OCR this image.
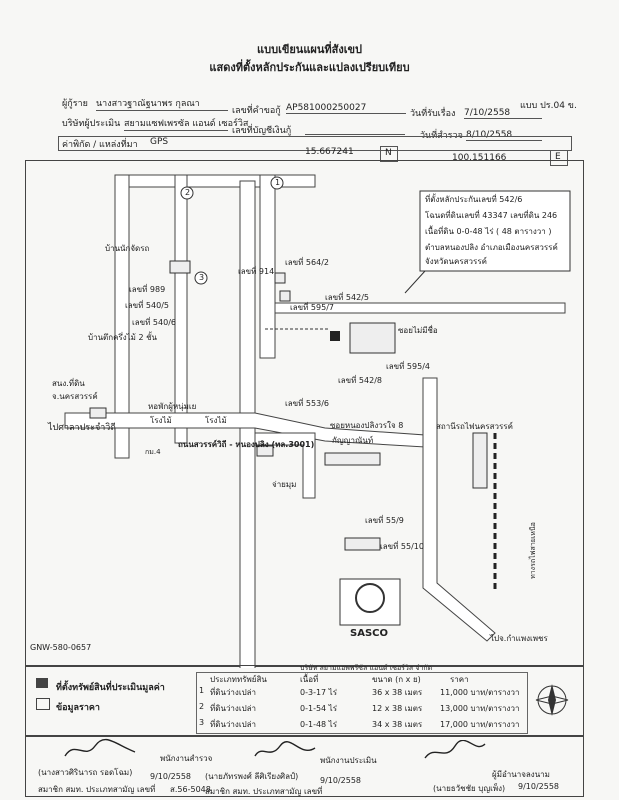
แบบ ปร.04 ข.
แบบเขียนแผนที่สังเขป
แสดงที่ตั้งหลักประกันและแปลงเปรียบเทียบ
ผู้กู้ราย นางสาวฐาณัฐนาพร กุลณา
เลขที่คำขอกู้ AP581000250027
วันที่รับเรื่อง 7/10/2558
บริษัทผู้ประเมิน สยามแซฟเพรซัล แอนด์ เซอร์วิส
เลขที่บัญชีเงินกู้	วันที่สำรวจ 8/10/2558
ค่าพิกัด / แหล่งที่มา GPS
15.667241	N	100.151166	E
ที่ตั้งหลักประกันเลขที่ 542/6
โฉนดที่ดินเลขที่ 43347 เลขที่ดิน 246
เนื้อที่ดิน 0-0-48 ไร่ ( 48 ตารางวา )
ตำบลหนองปลิง อำเภอเมืองนครสวรรค์
จังหวัดนครสวรรค์
บ้านนักจัดรถ
เลขที่ 989
เลขที่ 540/5
เลขที่ 540/6
บ้านตึกครึ่งไม้ 2 ชั้น
เลขที่ 914
เลขที่ 564/2
เลขที่ 542/5
เลขที่ 595/7
เลขที่ 595/4
เลขที่ 542/8
เลขที่ 553/6
ซอยไม่มีชื่อ
สนง.ที่ดิน
จ.นครสวรรค์
หอพักผู้หนุ่มเย
โรงไม้	โรงไม้
ไปศาลาประจำวิถี
ถนนสวรรค์วิถี - หนองปลิง (ทล.3001)
กม.4
ซอยหนองปลิงวรใจ 8
กัญญาณันท์
สถานีรถไฟนครสวรรค์
จ่ายมุม
เลขที่ 55/9
เลขที่ 55/10
ไปจ.กำแพงเพชร
ทางรถไฟสายเหนือ
2
1
3
SASCO
บริษัท สยามแอพพรีซัล แอนด์ เซอร์วิส จำกัด
GNW-580-0657
ที่ตั้งทรัพย์สินที่ประเมินมูลค่า
ข้อมูลราคา
ประเภททรัพย์สิน	เนื้อที่	ขนาด (ก x ย)	ราคา
1 ที่ดินว่างเปล่า	0-3-17 ไร่	36 x 38 เมตร 11,000 บาท/ตารางวา
2 ที่ดินว่างเปล่า	0-1-54 ไร่	12 x 38 เมตร 13,000 บาท/ตารางวา
3 ที่ดินว่างเปล่า	0-1-48 ไร่	34 x 38 เมตร 17,000 บาท/ตารางวา
พนักงานสำรวจ
(นางสาวศิรินารถ รอดโฉม) 9/10/2558
สมาชิก สมท. ประเภทสามัญ เลขที่ ส.56-5048
พนักงานประเมิน
(นายภัทรพงศ์ ลีศิเรียงศิลป์)	9/10/2558
สมาชิก สมท. ประเภทสามัญ เลขที่
ผู้มีอำนาจลงนาม
(นายธวัชชัย บุญเพ็ง) 9/10/2558
